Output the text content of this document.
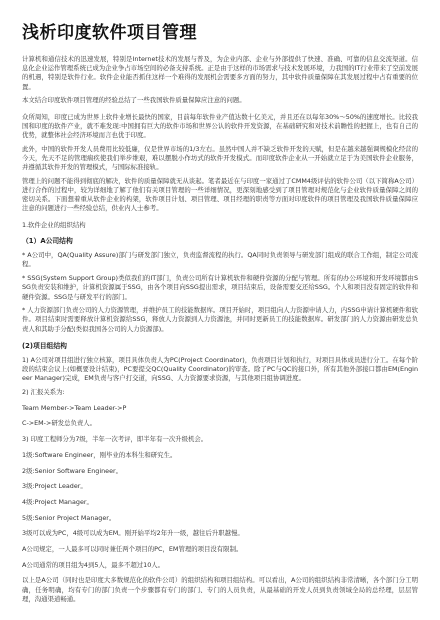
浅析印度软件项目管理

计算机和通信技术的迅速发展，特别是Internet技术的发展与普及，为企业内部、企业与外部提供了快速、准确、可靠的信息交流渠道。信息化企业运作管理系统已成为企业争占市场空间的必备支持系统。正是由于这样的市场需求与技术发展环境，力我国的IT行业带来了空前发展的机遇，特别是软件行业。软件企业能否抓住这样一个难得的发展机会需要多方面的努力，其中软件质量保障在其发展过程中占有重要的位置。

本文结合印度软件项目管理的经验总结了一些我国软件质量保障应注意的问题。

众所周知，印度已成为世界上软件业增长最快的国家，目前每年软件业产值达数十亿美元，并且还在以每年30%～50%的速度增长。比较我国和印度的软件产业，就不难发现:中国拥有巨大的软件市场和世界公认的软件开发资源，在基础研究和对技术前瞻性的把握上，也有自己的优势，就整体社会经济环境而言也优于印度。

此外，中国的软件开发人员费用比较低廉，仅是世界市场的1/3左右。虽然中国人并不缺乏软件开发的天赋，但是在越来越强调规模化经营的今天，先天不足的管理痼疾使我们举步维艰，难以摆脱小作坊式的软件开发模式。而印度软件企业从一开始就立足于为美国软件企业服务，并遵循其软件开发的管理模式，与国际标准接轨。

管理上的问题不能得到彻底的解决，软件的质量保障就无从谈起。笔者最近在与印度一家通过了CMM4级评估的软件公司（以下简称A公司）进行合作的过程中，较为详细地了解了他们有关项目管理的一些详细情况，更深刻地感受到了项目管理对规范化与企业软件质量保障之间的密切关系。下面想着重从软件企业的构架，软件项目计划、项目管理、项目经理的职责等方面对印度软件的项目管理及我国软件质量保障应注意的问题进行一些经验总结，供业内人士参考。

1.软件企业的组织结构
（1）A公司结构

* A公司中，QA(Quality Assure)部门与研发部门独立，负责监督流程的执行。QA同时负责领导与研发部门组成的联合工作组，制定公司流程。

* SSG(System Support Group)类似我们的IT部门，负责公司所有计算机软件和硬件资源的分配与管理。所有的办公环境和开发环境都由SSG负责安装和维护，计算机资源属于SSG，由各个项目向SSG提出需求，项目结束后，设备需要交还给SSG。个人和项目没有固定的软件和硬件资源。SSG是与研发平行的部门。

* 人力资源部门负责公司的人力资源管理，并维护员工的技能数据库。项目开始时，项目组向人力资源申请人力，内SSG申请计算机硬件和软件。项目结束时需要释放计算机资源给SSG，释放人力资源到人力资源池，并同时更新员工的技能数据库。研发部门的人力资源由研发总负责人和其助手分配(类似我国各公司的人力资源部)。

(2)项目组结构

1) A公司对项目组进行独立核算，项目具体负责人为PC(Project Coordinator)，负责项目计划和执行，对项目具体成员进行分工。在每个阶段的结束会议上(如概要设计结束)，PC要提交QC(Quality Coordinator)的审查。除了PC与QC的接口外，所有其他外部接口都由EM(Engineer Manager)完成，EM负责与客户打交道，向SSG、人力资源要求资源，与其他项目组协调进度。

2) 汇报关系为:
Team Member->Team Leader->P
C->EM->研发总负责人。
3) 印度工程师分为7级，半年一次考评，即半年有一次升级机会。
1级:Software Engineer，刚毕业的本科生和研究生。
2级:Senior Software Engineer。
3级:Project Leader。
4级:Project Manager。
5级:Senior Project Manager。
3级可以成为PC，4级可以成为EM。刚开始平均2年升一级，越往后升职越慢。
A公司规定，一人最多可以同时兼任两个项目的PC，EM管理的项目没有限制。
A公司通常的项目组为4到5人，最多不超过10人。

以上是A公司（同时也是印度大多数规范化的软件公司）的组织结构和项目组结构。可以看出，A公司的组织结构非常清晰，各个部门分工明确，任务明确，均有专门的部门负责一个步骤都有专门的部门、专门的人员负责，从最基础的开发人员到负责领域全局的总经理，层层管理，沟通渠道畅通。
